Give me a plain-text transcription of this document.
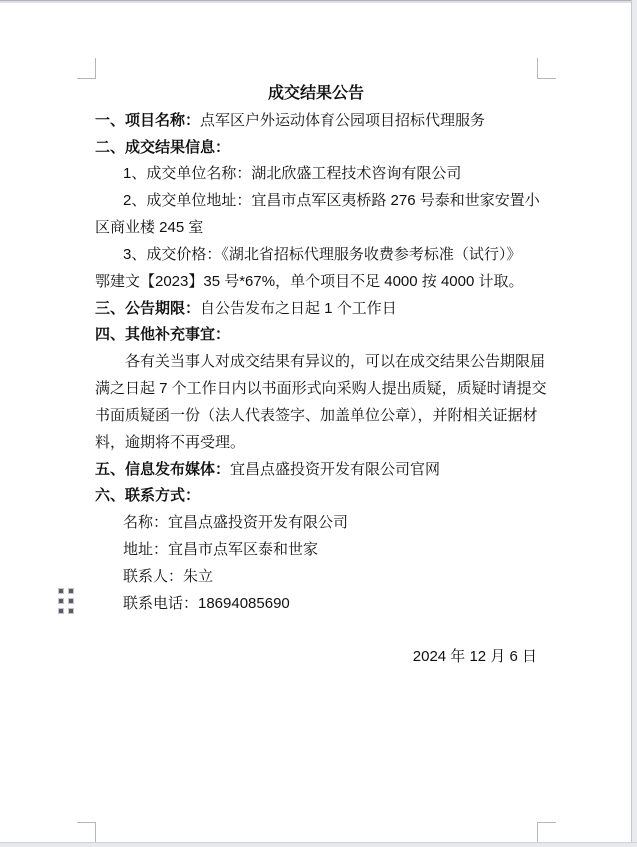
成交结果公告
一、项目名称：点军区户外运动体育公园项目招标代理服务
二、成交结果信息：
1、成交单位名称：湖北欣盛工程技术咨询有限公司
2、成交单位地址：宜昌市点军区夷桥路 276 号泰和世家安置小
区商业楼 245 室
3、成交价格：《湖北省招标代理服务收费参考标准（试行）》
鄂建文【2023】35 号*67%，单个项目不足 4000 按 4000 计取。
三、公告期限：自公告发布之日起 1 个工作日
四、其他补充事宜：
各有关当事人对成交结果有异议的，可以在成交结果公告期限届
满之日起 7 个工作日内以书面形式向采购人提出质疑，质疑时请提交
书面质疑函一份（法人代表签字、加盖单位公章），并附相关证据材
料，逾期将不再受理。
五、信息发布媒体：宜昌点盛投资开发有限公司官网
六、联系方式：
名称：宜昌点盛投资开发有限公司
地址：宜昌市点军区泰和世家
联系人：朱立
联系电话：18694085690

2024 年 12 月 6 日
